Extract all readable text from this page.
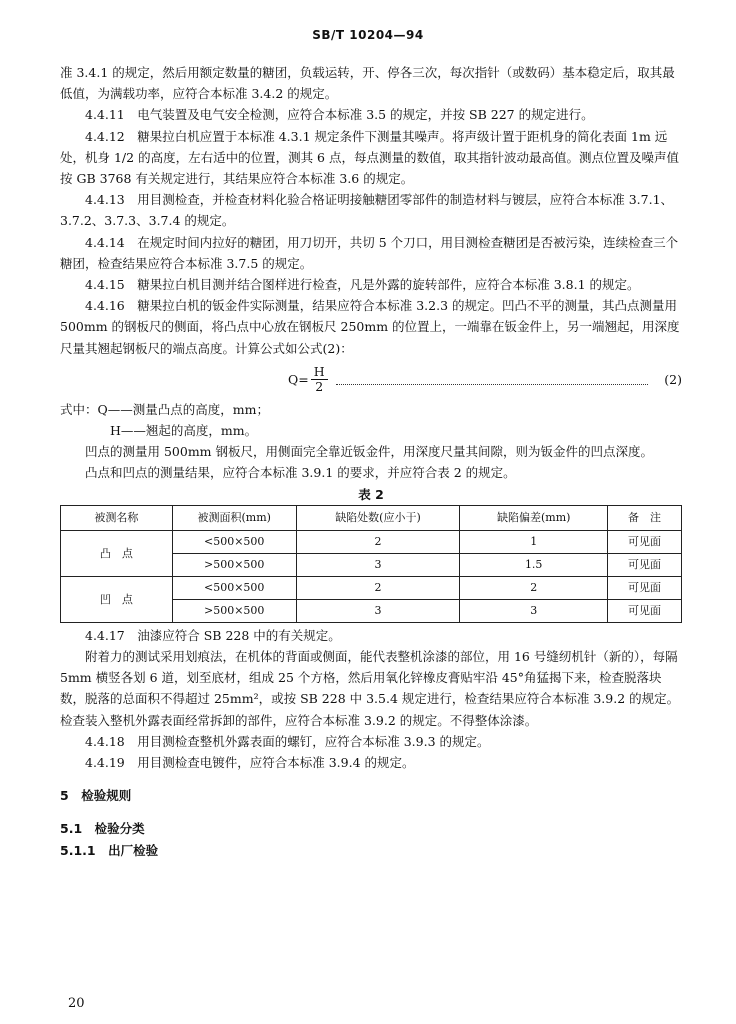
SB/T 10204—94

准 3.4.1 的规定，然后用额定数量的糖团，负载运转，开、停各三次，每次指针（或数码）基本稳定后，取其最低值，为满载功率，应符合本标准 3.4.2 的规定。

4.4.11　电气装置及电气安全检测，应符合本标准 3.5 的规定，并按 SB 227 的规定进行。

4.4.12　糖果拉白机应置于本标准 4.3.1 规定条件下测量其噪声。将声级计置于距机身的简化表面 1m 远处，机身 1/2 的高度，左右适中的位置，测其 6 点，每点测量的数值，取其指针波动最高值。测点位置及噪声值按 GB 3768 有关规定进行，其结果应符合本标准 3.6 的规定。

4.4.13　用目测检查，并检查材料化验合格证明接触糖团零部件的制造材料与镀层，应符合本标准 3.7.1、3.7.2、3.7.3、3.7.4 的规定。

4.4.14　在规定时间内拉好的糖团，用刀切开，共切 5 个刀口，用目测检查糖团是否被污染，连续检查三个糖团，检查结果应符合本标准 3.7.5 的规定。

4.4.15　糖果拉白机目测并结合图样进行检查，凡是外露的旋转部件，应符合本标准 3.8.1 的规定。

4.4.16　糖果拉白机的钣金件实际测量，结果应符合本标准 3.2.3 的规定。凹凸不平的测量，其凸点测量用 500mm 的钢板尺的侧面，将凸点中心放在钢板尺 250mm 的位置上，一端靠在钣金件上，另一端翘起，用深度尺量其翘起钢板尺的端点高度。计算公式如公式(2)：

$Q= \frac{H}{2}$	(2)

式中：Q——测量凸点的高度，mm；

H——翘起的高度，mm。

凹点的测量用 500mm 钢板尺，用侧面完全靠近钣金件，用深度尺量其间隙，则为钣金件的凹点深度。

凸点和凹点的测量结果，应符合本标准 3.9.1 的要求，并应符合表 2 的规定。

表 2

被测名称	被测面积(mm)	缺陷处数(应小于)	缺陷偏差(mm)	备　注
凸　点	<500×500	2	1	可见面
	>500×500	3	1.5	可见面
凹　点	<500×500	2	2	可见面
	>500×500	3	3	可见面

4.4.17　油漆应符合 SB 228 中的有关规定。

附着力的测试采用划痕法，在机体的背面或侧面，能代表整机涂漆的部位，用 16 号缝纫机针（新的），每隔 5mm 横竖各划 6 道，划至底材，组成 25 个方格，然后用氧化锌橡皮膏贴牢沿 45°角猛揭下来，检查脱落块数，脱落的总面积不得超过 25mm²，或按 SB 228 中 3.5.4 规定进行，检查结果应符合本标准 3.9.2 的规定。检查装入整机外露表面经常拆卸的部件，应符合本标准 3.9.2 的规定。不得整体涂漆。

4.4.18　用目测检查整机外露表面的螺钉，应符合本标准 3.9.3 的规定。

4.4.19　用目测检查电镀件，应符合本标准 3.9.4 的规定。

5　检验规则

5.1　检验分类

5.1.1　出厂检验

20
